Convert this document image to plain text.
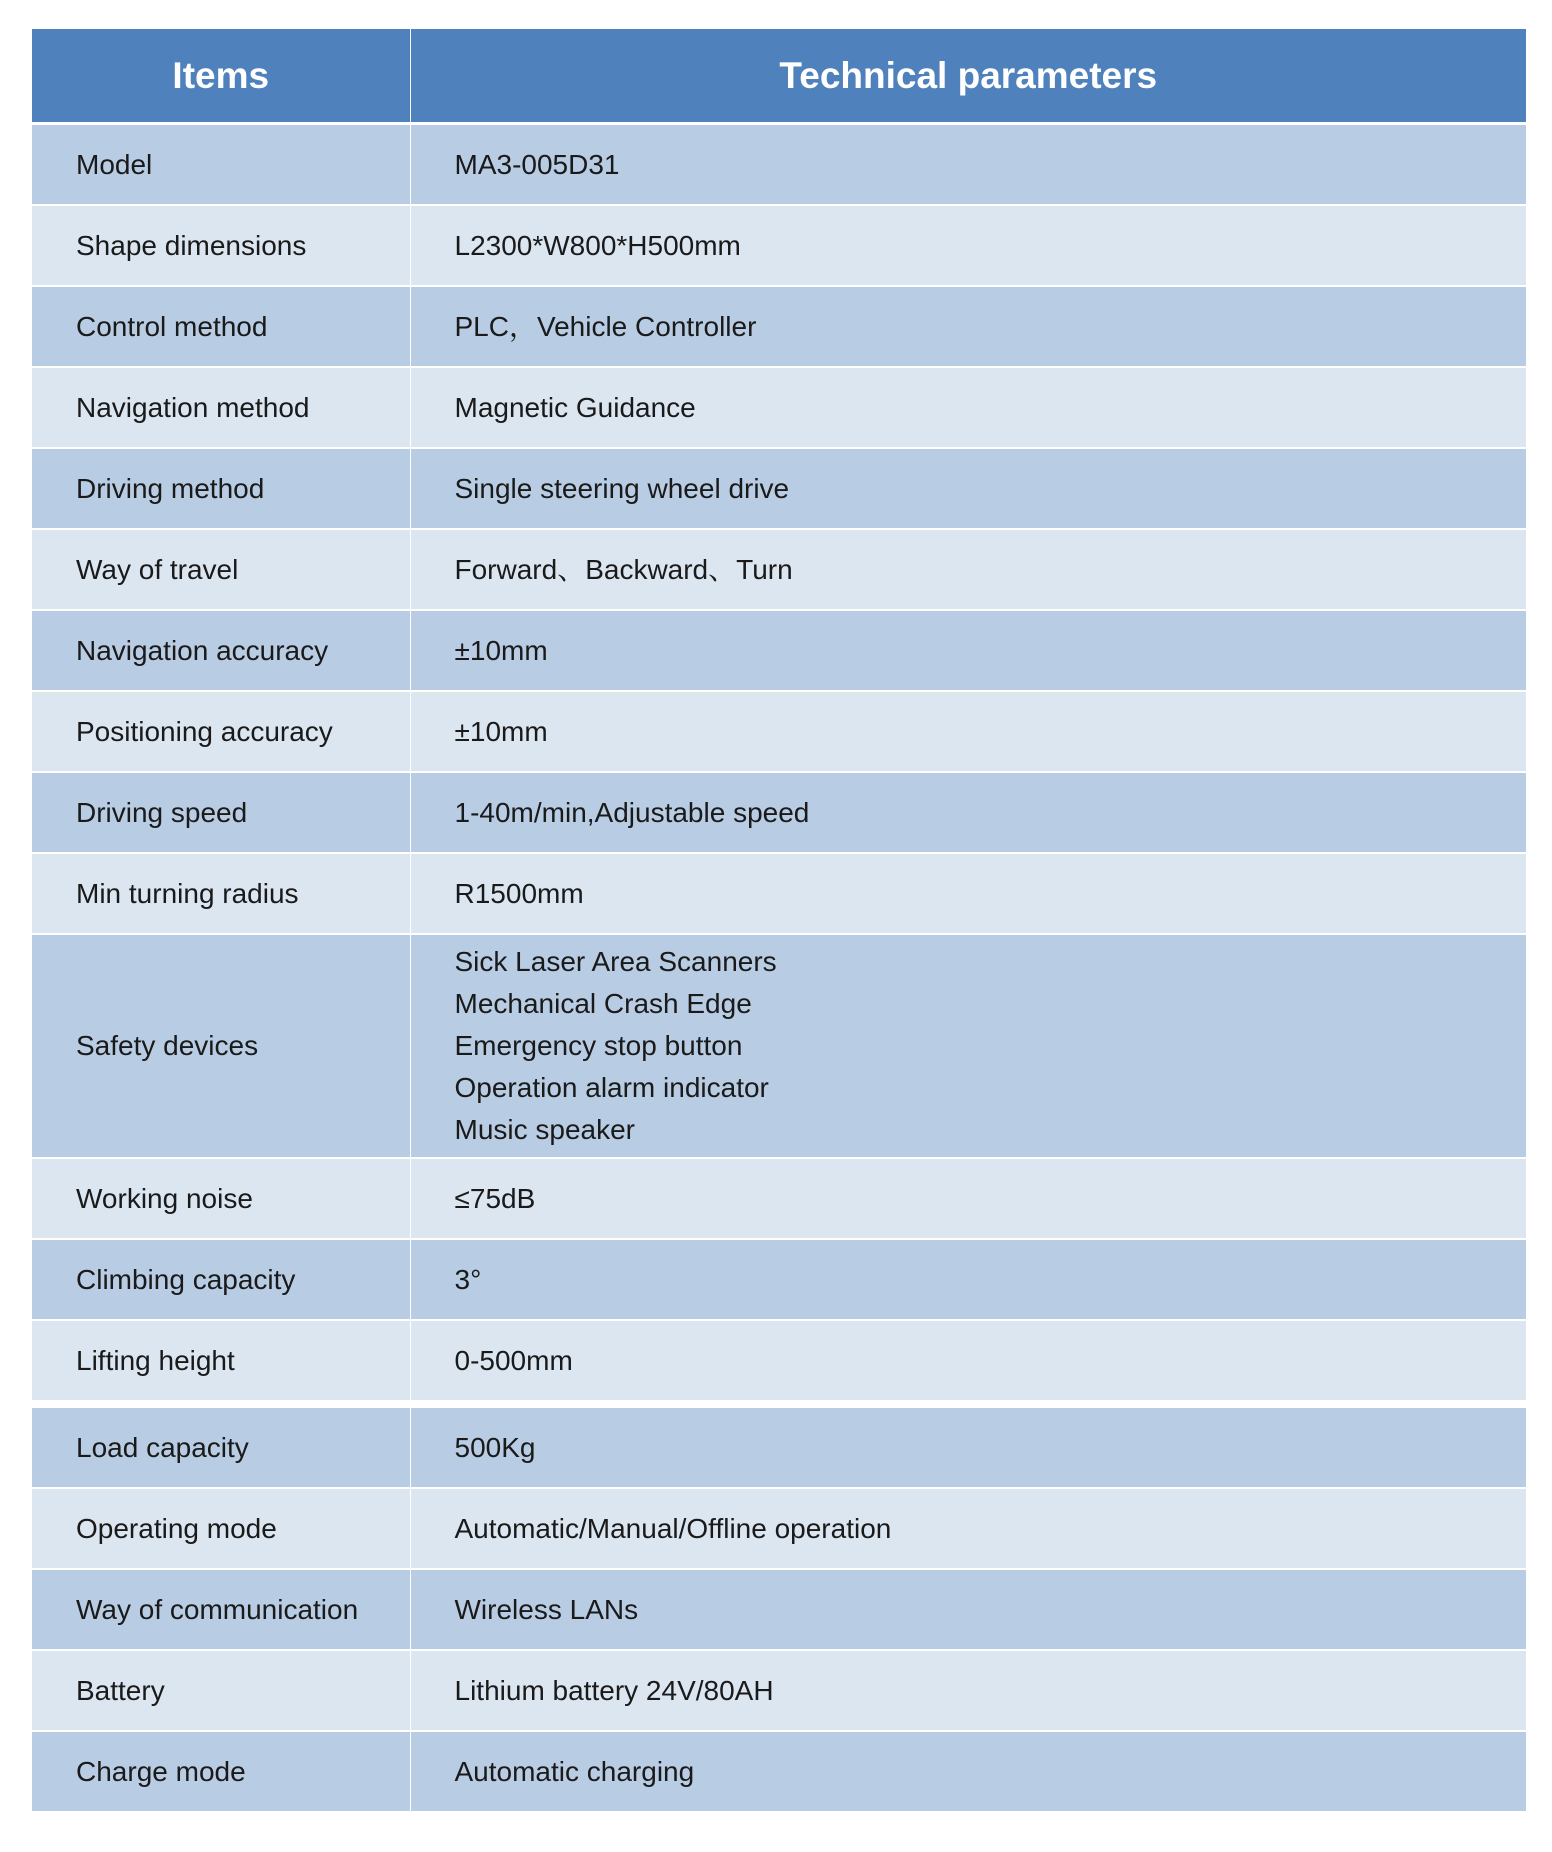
Items	Technical parameters
Model	MA3-005D31

Shape dimensions	L2300*W800*H500mm

Control method	PLC，Vehicle Controller

Navigation method	Magnetic Guidance

Driving method	Single steering wheel drive

Way of travel	Forward、Backward、Turn

Navigation accuracy	±10mm

Positioning accuracy	±10mm

Driving speed	1-40m/min,Adjustable speed

Min turning radius	R1500mm

Safety devices	Sick Laser Area Scanners
Mechanical Crash Edge
Emergency stop button
Operation alarm indicator
Music speaker

Working noise	≤75dB

Climbing capacity	3°

Lifting height	0-500mm

Load capacity	500Kg

Operating mode	Automatic/Manual/Offline operation

Way of communication	Wireless LANs

Battery	Lithium battery 24V/80AH

Charge mode	Automatic charging
